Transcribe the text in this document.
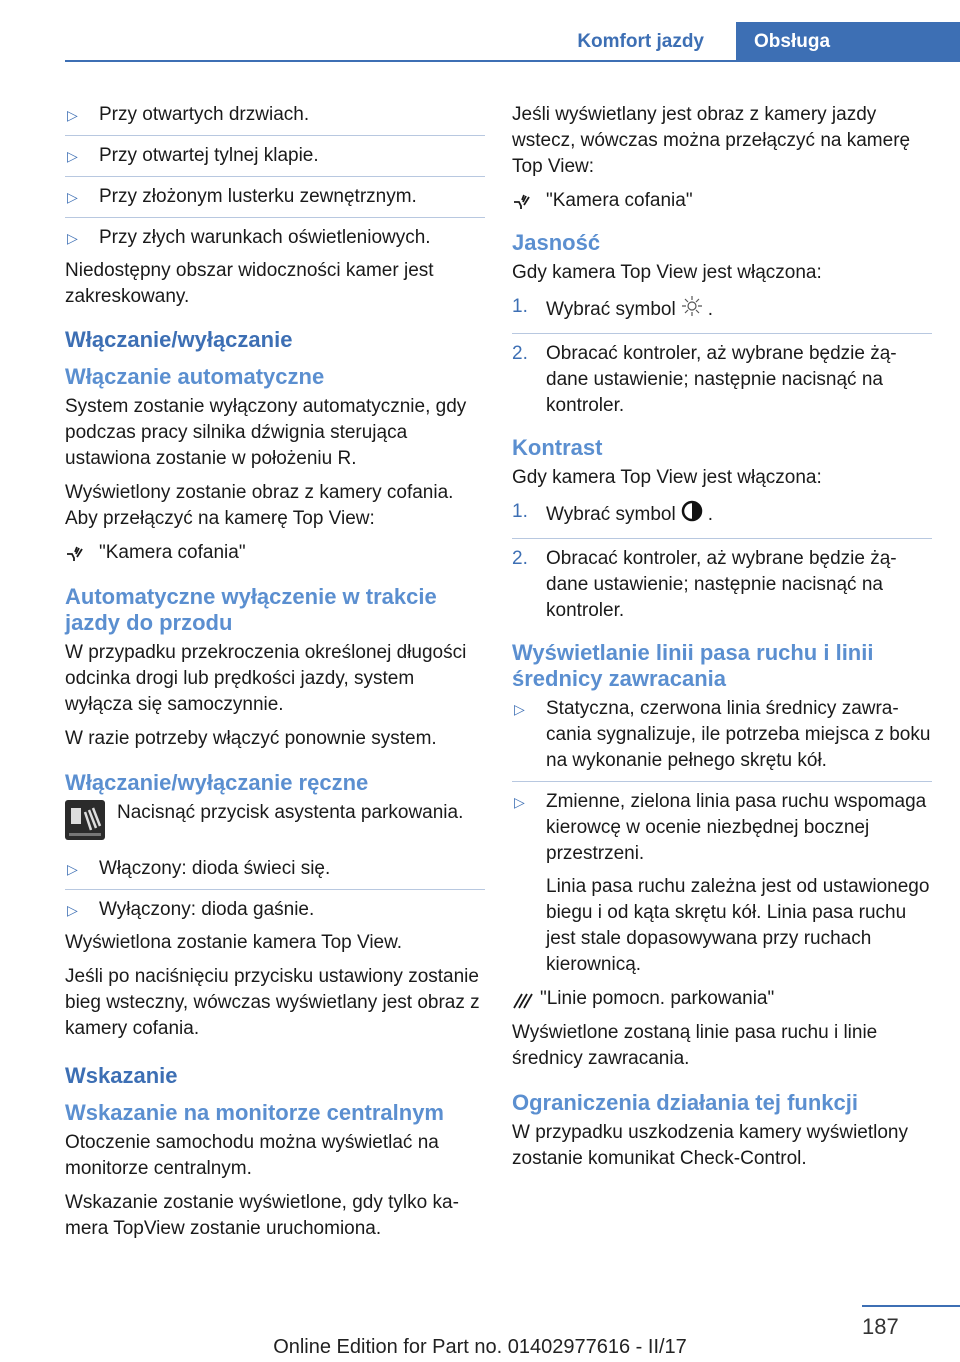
Komfort jazdy	Obsługa
▷ Przy otwartych drzwiach.
▷ Przy otwartej tylnej klapie.
▷ Przy złożonym lusterku zewnętrznym.
▷ Przy złych warunkach oświetleniowych.

Niedostępny obszar widoczności kamer jest zakreskowany.

Włączanie/wyłączanie
Włączanie automatyczne

System zostanie wyłączony automatycznie, gdy podczas pracy silnika dźwignia sterująca ustawiona zostanie w położeniu R.

Wyświetlony zostanie obraz z kamery cofania. Aby przełączyć na kamerę Top View:

"Kamera cofania"
Automatyczne wyłączenie w trakcie jazdy do przodu

W przypadku przekroczenia określonej długości odcinka drogi lub prędkości jazdy, system wyłącza się samoczynnie.

W razie potrzeby włączyć ponownie system.

Włączanie/wyłączanie ręczne
Nacisnąć przycisk asystenta parkowania.
▷ Włączony: dioda świeci się.
▷ Wyłączony: dioda gaśnie.

Wyświetlona zostanie kamera Top View.

Jeśli po naciśnięciu przycisku ustawiony zostanie bieg wsteczny, wówczas wyświetlany jest obraz z kamery cofania.

Wskazanie
Wskazanie na monitorze centralnym

Otoczenie samochodu można wyświetlać na monitorze centralnym.

Wskazanie zostanie wyświetlone, gdy tylko kamera TopView zostanie uruchomiona.

Jeśli wyświetlany jest obraz z kamery jazdy wstecz, wówczas można przełączyć na kamerę Top View:

"Kamera cofania"
Jasność

Gdy kamera Top View jest włączona:

1. Wybrać symbol .
2. Obracać kontroler, aż wybrane będzie żądane ustawienie; następnie nacisnąć na kontroler.
Kontrast

Gdy kamera Top View jest włączona:

1. Wybrać symbol .
2. Obracać kontroler, aż wybrane będzie żądane ustawienie; następnie nacisnąć na kontroler.
Wyświetlanie linii pasa ruchu i linii średnicy zawracania
▷ Statyczna, czerwona linia średnicy zawracania sygnalizuje, ile potrzeba miejsca z boku na wykonanie pełnego skrętu kół.
▷ Zmienne, zielona linia pasa ruchu wspomaga kierowcę w ocenie niezbędnej bocznej przestrzeni.

Linia pasa ruchu zależna jest od ustawionego biegu i od kąta skrętu kół. Linia pasa ruchu jest stale dopasowywana przy ruchach kierownicą.

"Linie pomocn. parkowania"

Wyświetlone zostaną linie pasa ruchu i linie średnicy zawracania.

Ograniczenia działania tej funkcji

W przypadku uszkodzenia kamery wyświetlony zostanie komunikat Check-Control.

187
Online Edition for Part no. 01402977616 - II/17
